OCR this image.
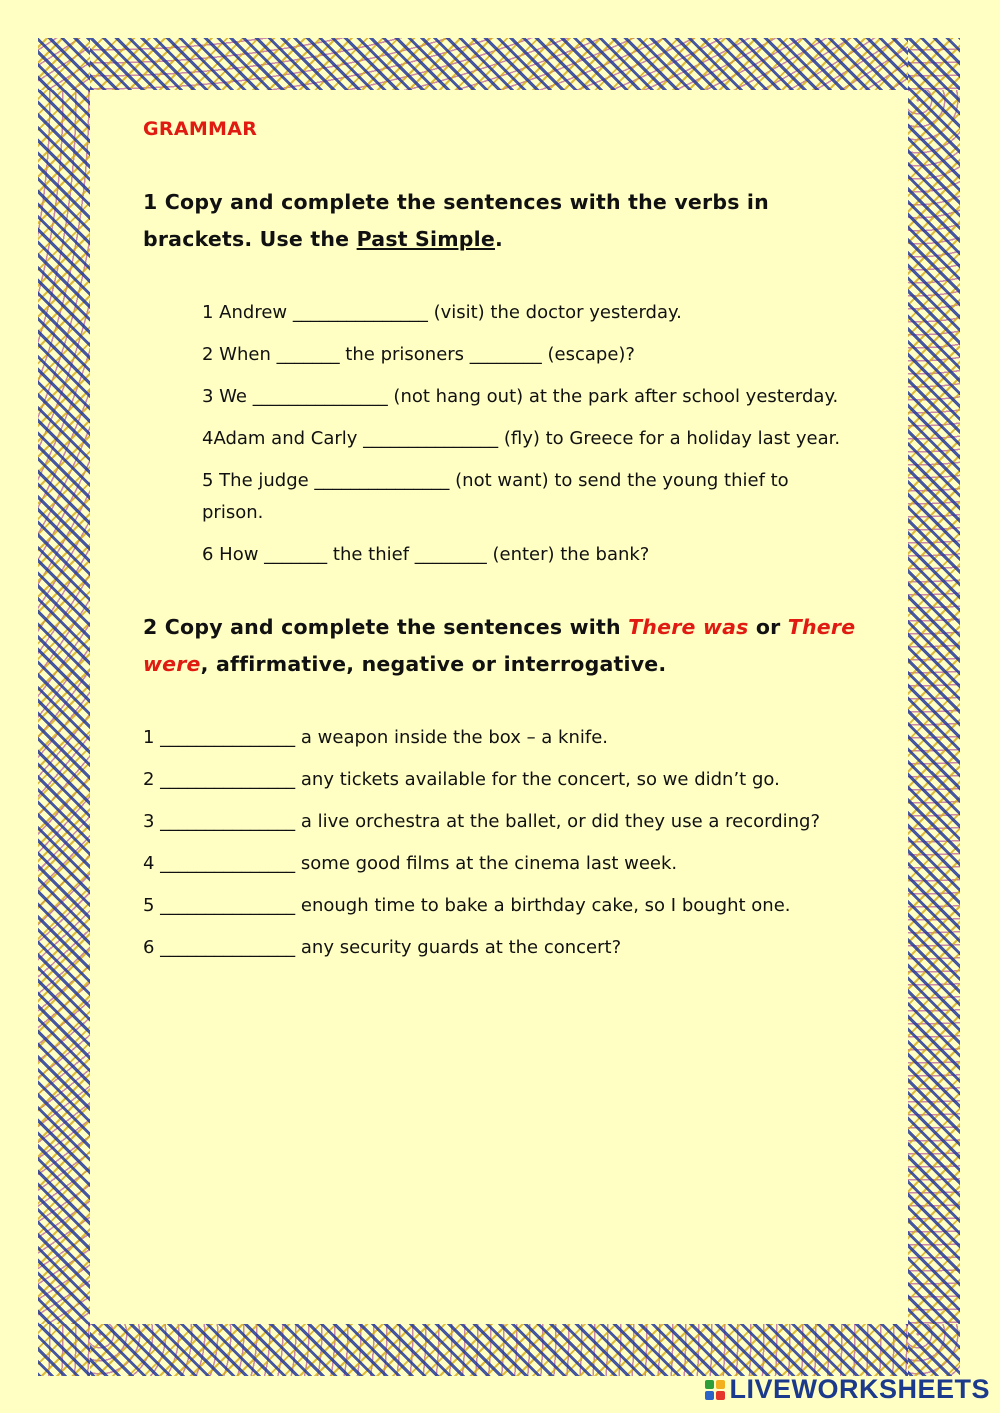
GRAMMAR

1 Copy and complete the sentences with the verbs in
brackets. Use the Past Simple.

1 Andrew _______________ (visit) the doctor yesterday.
2 When _______ the prisoners ________ (escape)?
3 We _______________ (not hang out) at the park after school yesterday.
4Adam and Carly _______________ (fly) to Greece for a holiday last year.
5 The judge _______________ (not want) to send the young thief to prison.
6 How _______ the thief ________ (enter) the bank?

2 Copy and complete the sentences with There was or There were, affirmative, negative or interrogative.

1 _______________ a weapon inside the box – a knife.
2 _______________ any tickets available for the concert, so we didn’t go.
3 _______________ a live orchestra at the ballet, or did they use a recording?
4 _______________ some good films at the cinema last week.
5 _______________ enough time to bake a birthday cake, so I bought one.
6 _______________ any security guards at the concert?
LIVEWORKSHEETS
